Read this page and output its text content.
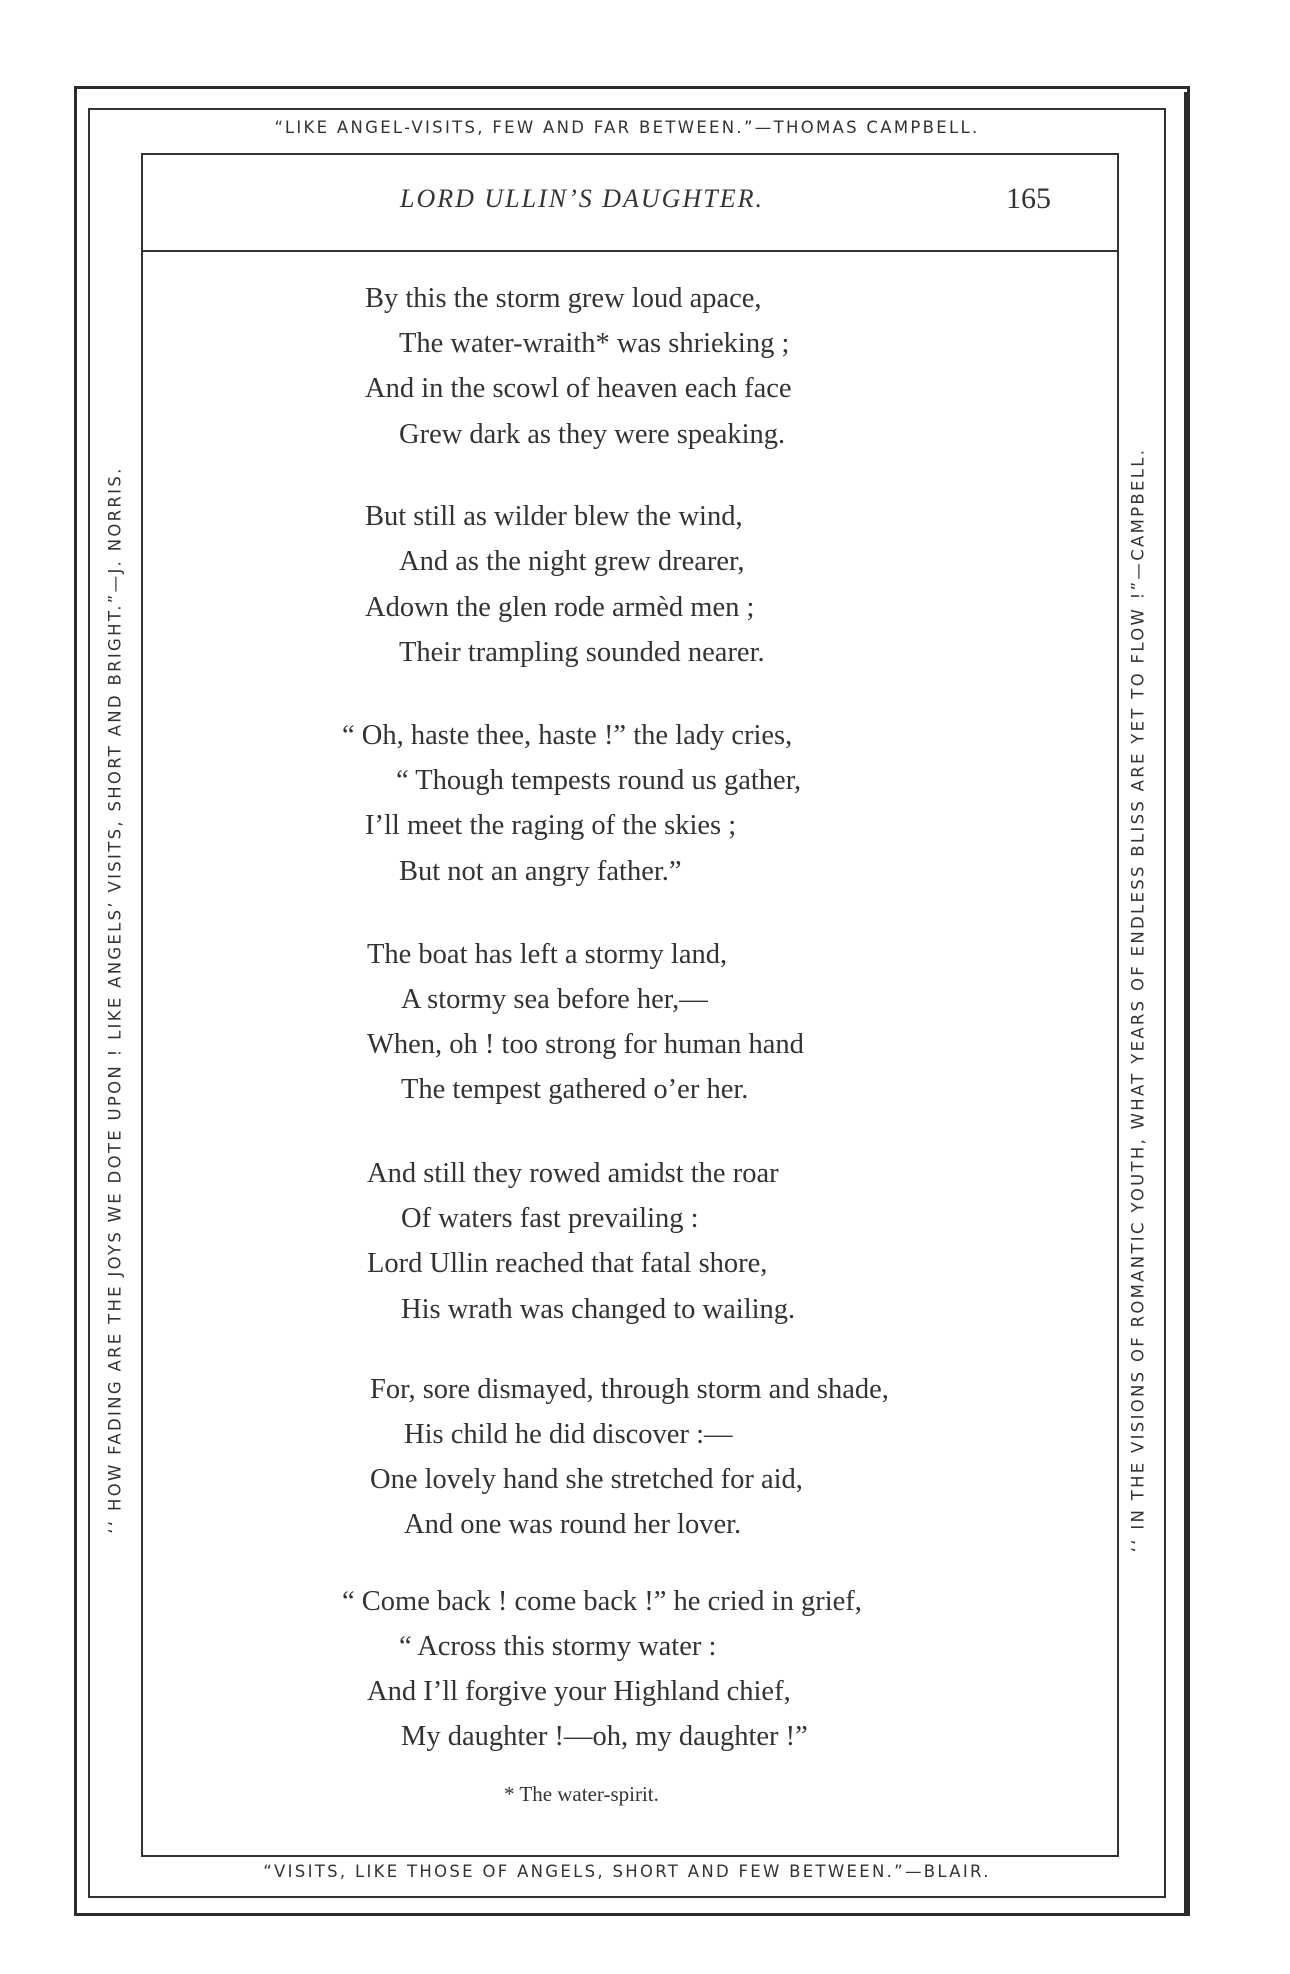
“LIKE ANGEL-VISITS, FEW AND FAR BETWEEN.”—THOMAS CAMPBELL.
“VISITS, LIKE THOSE OF ANGELS, SHORT AND FEW BETWEEN.”—BLAIR.
‘‘ HOW FADING ARE THE JOYS WE DOTE UPON ! LIKE ANGELS’ VISITS, SHORT AND BRIGHT.”—J. NORRIS.	‘‘ IN THE VISIONS OF ROMANTIC YOUTH, WHAT YEARS OF ENDLESS BLISS ARE YET TO FLOW !”—CAMPBELL.
LORD ULLIN’S DAUGHTER.	165
By this the storm grew loud apace,
The water-wraith* was shrieking ;
And in the scowl of heaven each face
Grew dark as they were speaking.
But still as wilder blew the wind,
And as the night grew drearer,
Adown the glen rode armèd men ;
Their trampling sounded nearer.
“ Oh, haste thee, haste !” the lady cries,
“ Though tempests round us gather,
I’ll meet the raging of the skies ;
But not an angry father.”
The boat has left a stormy land,
A stormy sea before her,—
When, oh ! too strong for human hand
The tempest gathered o’er her.
And still they rowed amidst the roar
Of waters fast prevailing :
Lord Ullin reached that fatal shore,
His wrath was changed to wailing.
For, sore dismayed, through storm and shade,
His child he did discover :—
One lovely hand she stretched for aid,
And one was round her lover.
“ Come back ! come back !” he cried in grief,
“ Across this stormy water :
And I’ll forgive your Highland chief,
My daughter !—oh, my daughter !”
* The water-spirit.
